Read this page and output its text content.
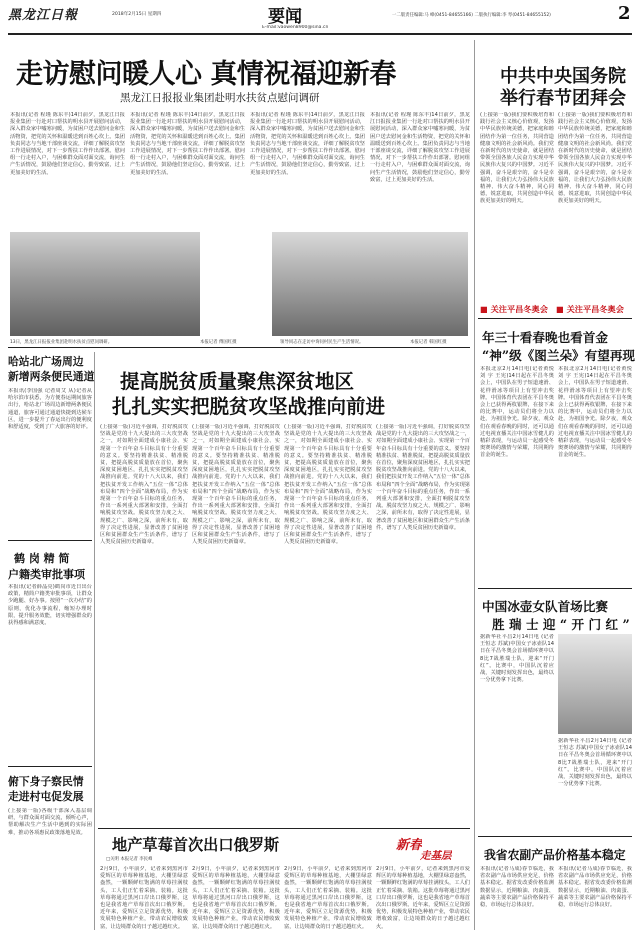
黑龙江日報	2018年2月15日 星期四	要闻
E-mail:vaowen8900@sina.cn
一二版责任编辑:马 峰(0451-84655166) 二版执行编辑:李 琴(0451-84655152)	2
走访慰问暖人心 真情祝福迎新春
黑龙江日报报业集团赴明水扶贫点慰问调研
本报讯(记者 程瑾 陈东丰)14日前夕，黑龙江日报报业集团一行赴对口帮扶的明水县开展慰问活动，深入群众家中嘘寒问暖，为贫困户送去慰问金和生活物资，把党的关怀和温暖送到百姓心坎上。集团负责同志与当地干部座谈交流，详细了解脱贫攻坚工作进展情况，对下一步帮扶工作作出部署。慰问组一行走村入户，与困难群众面对面交流，询问生产生活情况，鼓励他们坚定信心，勤劳致富，过上更加美好的生活。
本报讯(记者 程瑾 陈东丰)14日前夕，黑龙江日报报业集团一行赴对口帮扶的明水县开展慰问活动，深入群众家中嘘寒问暖，为贫困户送去慰问金和生活物资，把党的关怀和温暖送到百姓心坎上。集团负责同志与当地干部座谈交流，详细了解脱贫攻坚工作进展情况，对下一步帮扶工作作出部署。慰问组一行走村入户，与困难群众面对面交流，询问生产生活情况，鼓励他们坚定信心，勤劳致富，过上更加美好的生活。
本报讯(记者 程瑾 陈东丰)14日前夕，黑龙江日报报业集团一行赴对口帮扶的明水县开展慰问活动，深入群众家中嘘寒问暖，为贫困户送去慰问金和生活物资，把党的关怀和温暖送到百姓心坎上。集团负责同志与当地干部座谈交流，详细了解脱贫攻坚工作进展情况，对下一步帮扶工作作出部署。慰问组一行走村入户，与困难群众面对面交流，询问生产生活情况，鼓励他们坚定信心，勤劳致富，过上更加美好的生活。
本报讯(记者 程瑾 陈东丰)14日前夕，黑龙江日报报业集团一行赴对口帮扶的明水县开展慰问活动，深入群众家中嘘寒问暖，为贫困户送去慰问金和生活物资，把党的关怀和温暖送到百姓心坎上。集团负责同志与当地干部座谈交流，详细了解脱贫攻坚工作进展情况，对下一步帮扶工作作出部署。慰问组一行走村入户，与困难群众面对面交流，询问生产生活情况，鼓励他们坚定信心，勤劳致富，过上更加美好的生活。
13日，黑龙江日报报业集团赴明水扶贫点慰问调研。	本报记者 傅国红摄	领导同志在走访中询问村民生产生活情况。	本报记者 韩国红摄
中共中央国务院
举行春节团拜会
(上接第一版)我们要积极培育和践行社会主义核心价值观，发扬中华民族传统美德，把家庭和睦团结作为第一位任务，共同营造健康文明的社会新风尚。我们党在新时代的历史使命，就是团结带领全国各族人民奋力实现中华民族伟大复兴的中国梦。习近平强调，奋斗是艰辛的，奋斗是幸福的，让我们大力弘扬伟大民族精神、伟大奋斗精神，同心同德，锐意进取，共同创造中华民族更加美好的明天。
(上接第一版)我们要积极培育和践行社会主义核心价值观，发扬中华民族传统美德，把家庭和睦团结作为第一位任务，共同营造健康文明的社会新风尚。我们党在新时代的历史使命，就是团结带领全国各族人民奋力实现中华民族伟大复兴的中国梦。习近平强调，奋斗是艰辛的，奋斗是幸福的，让我们大力弘扬伟大民族精神、伟大奋斗精神，同心同德，锐意进取，共同创造中华民族更加美好的明天。
■ 关注平昌冬奥会 ■ 关注平昌冬奥会
年三十看春晚也看首金
“神”级《图兰朵》有望再现
本报北京2月14日电(记者黄悦 刘 宇 王宪)14日起在平昌冬奥会上，中国队在男子短道速滑、花样滑冰等项目上有望冲击奖牌。中国体育代表团在平昌冬奥会上已获得两枚银牌，在接下来的比赛中，运动员们将全力以赴，为祖国争光。除夕夜，观众们在观看春晚的同时，还可以通过电视直播关注中国冰雪健儿的精彩表现，与运动员一起感受冬奥赛场的激情与荣耀，共同期待首金的诞生。
本报北京2月14日电(记者黄悦 刘 宇 王宪)14日起在平昌冬奥会上，中国队在男子短道速滑、花样滑冰等项目上有望冲击奖牌。中国体育代表团在平昌冬奥会上已获得两枚银牌，在接下来的比赛中，运动员们将全力以赴，为祖国争光。除夕夜，观众们在观看春晚的同时，还可以通过电视直播关注中国冰雪健儿的精彩表现，与运动员一起感受冬奥赛场的激情与荣耀，共同期待首金的诞生。
中国冰壶女队首场比赛
胜 瑞 士 迎 “ 开 门 红 ”
据新华社平昌2月14日电 (记者王恒志 苏斌)中国女子冰壶队14日在平昌冬奥会首场循环赛中以8比7战胜瑞士队，迎来“开门红”。比赛中，中国队沉着应战，关键时刻发挥出色，最终以一分优势拿下比赛。
据新华社平昌2月14日电 (记者王恒志 苏斌)中国女子冰壶队14日在平昌冬奥会首场循环赛中以8比7战胜瑞士队，迎来“开门红”。比赛中，中国队沉着应战，关键时刻发挥出色，最终以一分优势拿下比赛。
我省农副产品价格基本稳定
本报讯(记者马成)春节临近，我省农副产品市场供应充足，价格基本稳定。据省发改委价格监测数据显示，近期粮油、肉禽蛋、蔬菜等主要农副产品价格保持平稳，市场运行总体良好。
本报讯(记者马成)春节临近，我省农副产品市场供应充足，价格基本稳定。据省发改委价格监测数据显示，近期粮油、肉禽蛋、蔬菜等主要农副产品价格保持平稳，市场运行总体良好。
哈站北广场周边
新增两条便民通道
本报讯(李国强 记者周艾 从)记者从哈尔滨市获悉，为方便春运期间旅客出行，哈站北广场周边新增两条便民通道，旅客可通过通道快捷到达候车区，进一步提升了春运出行的便利度和舒适度，受到了广大旅客的好评。
鹤 岗 精 简
户籍类审批事项
本报讯(记者薛晶亮)鹤岗市近日出台政策，精简户籍类审批事项，让群众少跑腿、好办事。按照“一次办结”的原则，优化办事流程，缩短办理时限，提升服务效能，切实增强群众的获得感和满意度。
俯下身子察民情
走进村屯促发展
(上接第一版)各级干部深入基层调研，与群众面对面交流，倾听心声，帮助解决生产生活中遇到的实际困难，推动各项惠民政策落地见效。
提高脱贫质量聚焦深贫地区
扎扎实实把脱贫攻坚战推向前进
(上接第一版)习近平强调，打好脱贫攻坚战是党的十九大提出的三大攻坚战之一，对如期全面建成小康社会、实现第一个百年奋斗目标具有十分重要的意义。要坚持精准扶贫、精准脱贫，把提高脱贫质量放在首位，聚焦深度贫困地区，扎扎实实把脱贫攻坚战推向前进。党的十八大以来，我们把扶贫开发工作纳入“五位一体”总体布局和“四个全面”战略布局，作为实现第一个百年奋斗目标的重点任务，作出一系列重大部署和安排，全面打响脱贫攻坚战。脱贫攻坚力度之大、规模之广、影响之深，前所未有，取得了决定性进展，显著改善了贫困地区和贫困群众生产生活条件，谱写了人类反贫困历史新篇章。
(上接第一版)习近平强调，打好脱贫攻坚战是党的十九大提出的三大攻坚战之一，对如期全面建成小康社会、实现第一个百年奋斗目标具有十分重要的意义。要坚持精准扶贫、精准脱贫，把提高脱贫质量放在首位，聚焦深度贫困地区，扎扎实实把脱贫攻坚战推向前进。党的十八大以来，我们把扶贫开发工作纳入“五位一体”总体布局和“四个全面”战略布局，作为实现第一个百年奋斗目标的重点任务，作出一系列重大部署和安排，全面打响脱贫攻坚战。脱贫攻坚力度之大、规模之广、影响之深，前所未有，取得了决定性进展，显著改善了贫困地区和贫困群众生产生活条件，谱写了人类反贫困历史新篇章。
(上接第一版)习近平强调，打好脱贫攻坚战是党的十九大提出的三大攻坚战之一，对如期全面建成小康社会、实现第一个百年奋斗目标具有十分重要的意义。要坚持精准扶贫、精准脱贫，把提高脱贫质量放在首位，聚焦深度贫困地区，扎扎实实把脱贫攻坚战推向前进。党的十八大以来，我们把扶贫开发工作纳入“五位一体”总体布局和“四个全面”战略布局，作为实现第一个百年奋斗目标的重点任务，作出一系列重大部署和安排，全面打响脱贫攻坚战。脱贫攻坚力度之大、规模之广、影响之深，前所未有，取得了决定性进展，显著改善了贫困地区和贫困群众生产生活条件，谱写了人类反贫困历史新篇章。
(上接第一版)习近平强调，打好脱贫攻坚战是党的十九大提出的三大攻坚战之一，对如期全面建成小康社会、实现第一个百年奋斗目标具有十分重要的意义。要坚持精准扶贫、精准脱贫，把提高脱贫质量放在首位，聚焦深度贫困地区，扎扎实实把脱贫攻坚战推向前进。党的十八大以来，我们把扶贫开发工作纳入“五位一体”总体布局和“四个全面”战略布局，作为实现第一个百年奋斗目标的重点任务，作出一系列重大部署和安排，全面打响脱贫攻坚战。脱贫攻坚力度之大、规模之广、影响之深，前所未有，取得了决定性进展，显著改善了贫困地区和贫困群众生产生活条件，谱写了人类反贫困历史新篇章。
地产草莓首次出口俄罗斯
□关明 本报记者 李民峰
新春
走基层
2月9日，小年前夕，记者来到黑河市爱辉区的草莓种植基地，大棚里绿意盎然，一颗颗鲜红饱满的草莓挂满枝头，工人们正忙着采摘、装箱。这批草莓将通过黑河口岸出口俄罗斯，这也是我省地产草莓首次出口俄罗斯。近年来，爱辉区立足资源优势，积极发展特色种植产业，带动农民增收致富，让边境群众的日子越过越红火。
2月9日，小年前夕，记者来到黑河市爱辉区的草莓种植基地，大棚里绿意盎然，一颗颗鲜红饱满的草莓挂满枝头，工人们正忙着采摘、装箱。这批草莓将通过黑河口岸出口俄罗斯，这也是我省地产草莓首次出口俄罗斯。近年来，爱辉区立足资源优势，积极发展特色种植产业，带动农民增收致富，让边境群众的日子越过越红火。
2月9日，小年前夕，记者来到黑河市爱辉区的草莓种植基地，大棚里绿意盎然，一颗颗鲜红饱满的草莓挂满枝头，工人们正忙着采摘、装箱。这批草莓将通过黑河口岸出口俄罗斯，这也是我省地产草莓首次出口俄罗斯。近年来，爱辉区立足资源优势，积极发展特色种植产业，带动农民增收致富，让边境群众的日子越过越红火。
2月9日，小年前夕，记者来到黑河市爱辉区的草莓种植基地，大棚里绿意盎然，一颗颗鲜红饱满的草莓挂满枝头，工人们正忙着采摘、装箱。这批草莓将通过黑河口岸出口俄罗斯，这也是我省地产草莓首次出口俄罗斯。近年来，爱辉区立足资源优势，积极发展特色种植产业，带动农民增收致富，让边境群众的日子越过越红火。
